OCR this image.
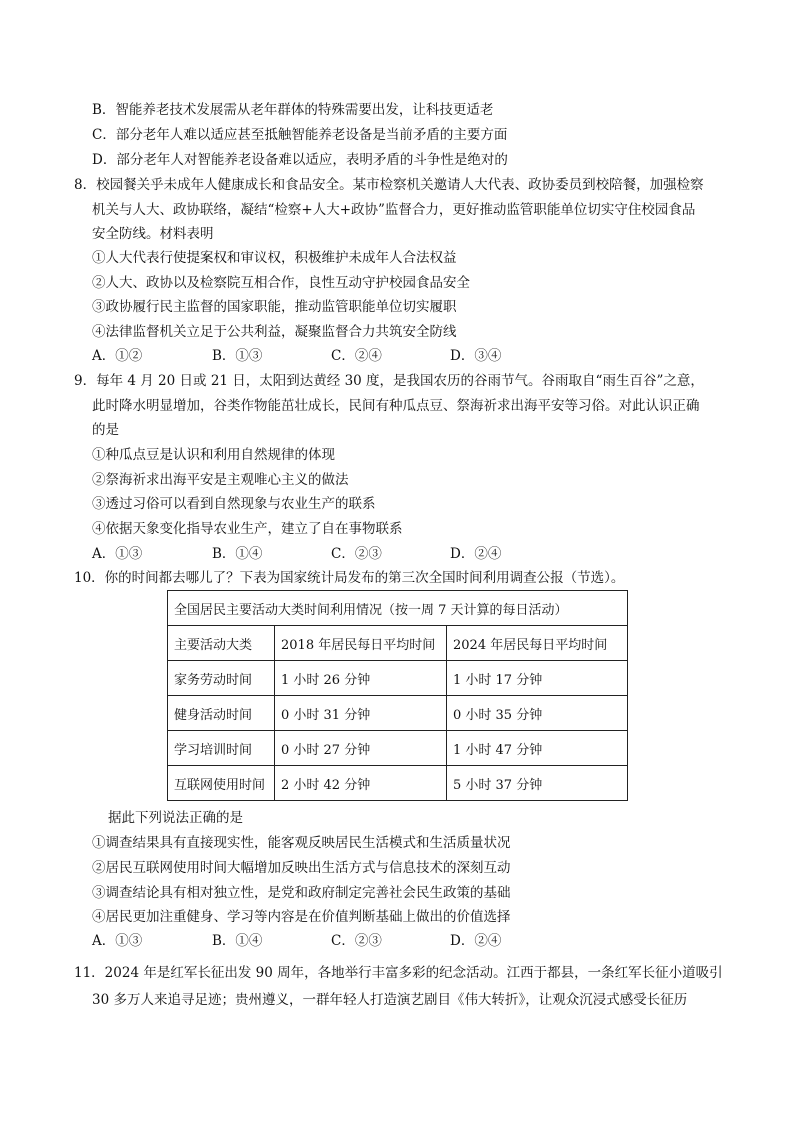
B．智能养老技术发展需从老年群体的特殊需要出发，让科技更适老
C．部分老年人难以适应甚至抵触智能养老设备是当前矛盾的主要方面
D．部分老年人对智能养老设备难以适应，表明矛盾的斗争性是绝对的
8．校园餐关乎未成年人健康成长和食品安全。某市检察机关邀请人大代表、政协委员到校陪餐，加强检察
机关与人大、政协联络，凝结“检察+人大+政协”监督合力，更好推动监管职能单位切实守住校园食品
安全防线。材料表明
①人大代表行使提案权和审议权，积极维护未成年人合法权益
②人大、政协以及检察院互相合作，良性互动守护校园食品安全
③政协履行民主监督的国家职能，推动监管职能单位切实履职
④法律监督机关立足于公共利益，凝聚监督合力共筑安全防线
A．①②	B．①③	C．②④	D．③④
9．每年 4 月 20 日或 21 日，太阳到达黄经 30 度，是我国农历的谷雨节气。谷雨取自“雨生百谷”之意，
此时降水明显增加，谷类作物能茁壮成长，民间有种瓜点豆、祭海祈求出海平安等习俗。对此认识正确
的是
①种瓜点豆是认识和利用自然规律的体现
②祭海祈求出海平安是主观唯心主义的做法
③透过习俗可以看到自然现象与农业生产的联系
④依据天象变化指导农业生产，建立了自在事物联系
A．①③	B．①④	C．②③	D．②④
10．你的时间都去哪儿了？下表为国家统计局发布的第三次全国时间利用调查公报（节选）。
全国居民主要活动大类时间利用情况（按一周 7 天计算的每日活动）		
主要活动大类	2018 年居民每日平均时间	2024 年居民每日平均时间
家务劳动时间	1 小时 26 分钟	1 小时 17 分钟
健身活动时间	0 小时 31 分钟	0 小时 35 分钟
学习培训时间	0 小时 27 分钟	1 小时 47 分钟
互联网使用时间	2 小时 42 分钟	5 小时 37 分钟
据此下列说法正确的是
①调查结果具有直接现实性，能客观反映居民生活模式和生活质量状况
②居民互联网使用时间大幅增加反映出生活方式与信息技术的深刻互动
③调查结论具有相对独立性，是党和政府制定完善社会民生政策的基础
④居民更加注重健身、学习等内容是在价值判断基础上做出的价值选择
A．①③	B．①④	C．②③	D．②④
11．2024 年是红军长征出发 90 周年，各地举行丰富多彩的纪念活动。江西于都县，一条红军长征小道吸引
30 多万人来追寻足迹；贵州遵义，一群年轻人打造演艺剧目《伟大转折》，让观众沉浸式感受长征历
